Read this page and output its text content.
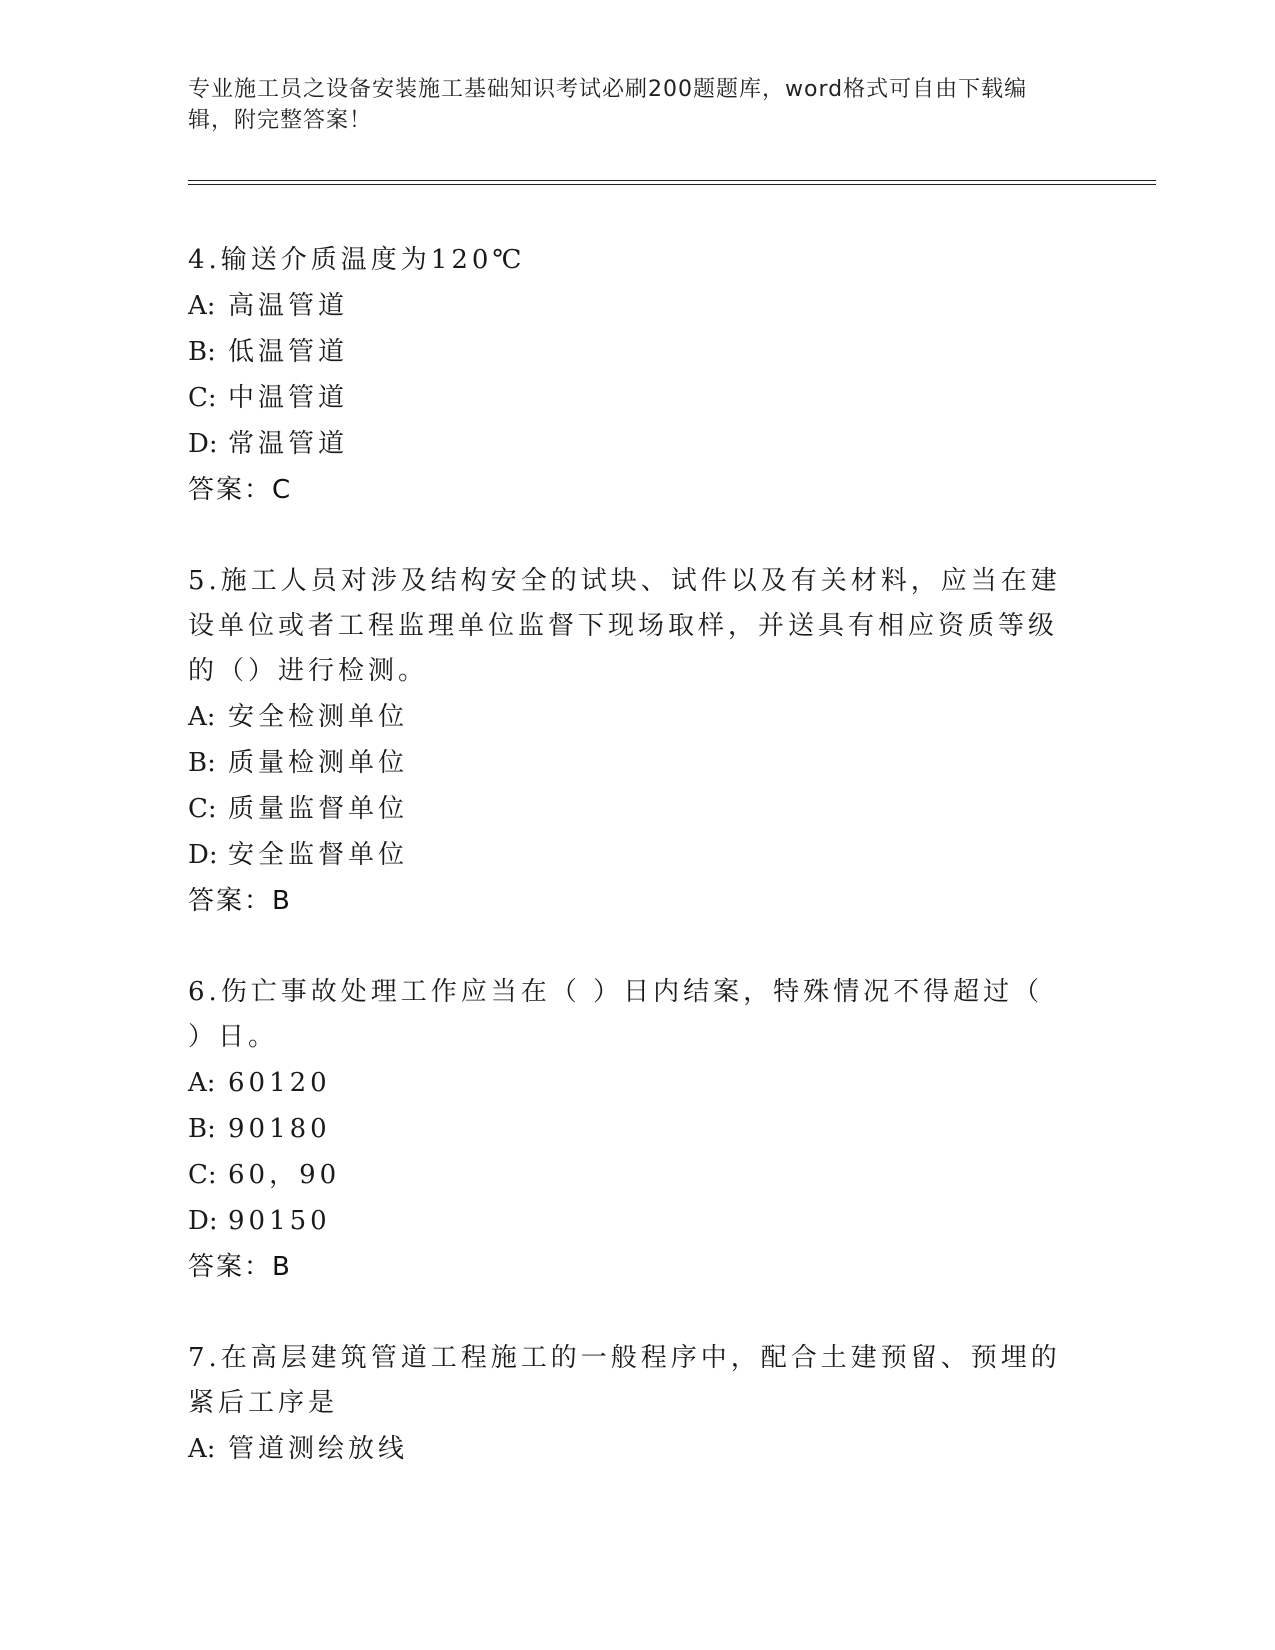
专业施工员之设备安装施工基础知识考试必刷200题题库，word格式可自由下载编辑，附完整答案！
4.输送介质温度为120℃
A: 高温管道
B: 低温管道
C: 中温管道
D: 常温管道
答案：C
5.施工人员对涉及结构安全的试块、试件以及有关材料，应当在建设单位或者工程监理单位监督下现场取样，并送具有相应资质等级的（）进行检测。
A: 安全检测单位
B: 质量检测单位
C: 质量监督单位
D: 安全监督单位
答案：B
6.伤亡事故处理工作应当在（ ）日内结案，特殊情况不得超过（ ）日。
A: 60120
B: 90180
C: 60，90
D: 90150
答案：B
7.在高层建筑管道工程施工的一般程序中，配合土建预留、预埋的紧后工序是
A: 管道测绘放线
